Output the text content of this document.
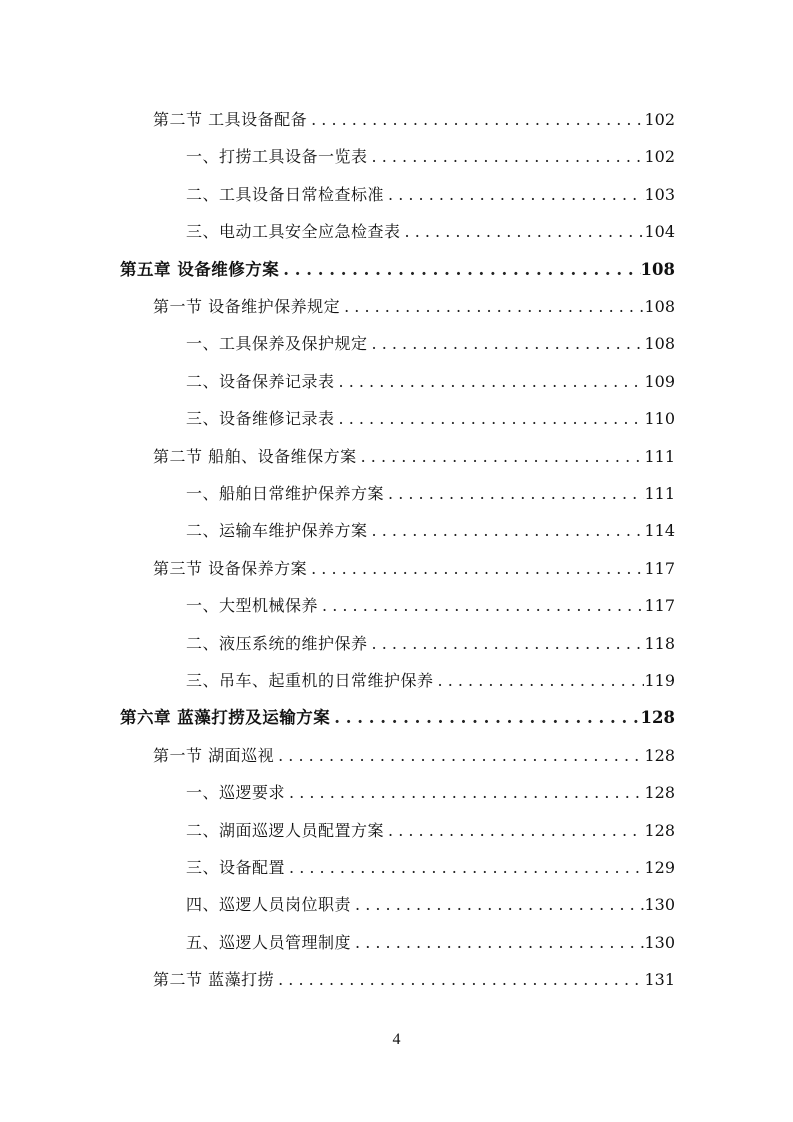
第二节 工具设备配备 . . .	102
一、打捞工具设备一览表 . . .	102
二、工具设备日常检查标准 . . .	103
三、电动工具安全应急检查表 . . .	104
第五章 设备维修方案 . . .	108
第一节 设备维护保养规定 . . .	108
一、工具保养及保护规定 . . .	108
二、设备保养记录表 . . .	109
三、设备维修记录表 . . .	110
第二节 船舶、设备维保方案 . . .	111
一、船舶日常维护保养方案 . . .	111
二、运输车维护保养方案 . . .	114
第三节 设备保养方案 . . .	117
一、大型机械保养 . . .	117
二、液压系统的维护保养 . . .	118
三、吊车、起重机的日常维护保养 . . .	119
第六章 蓝藻打捞及运输方案 . . .	128
第一节 湖面巡视 . . .	128
一、巡逻要求 . . .	128
二、湖面巡逻人员配置方案 . . .	128
三、设备配置 . . .	129
四、巡逻人员岗位职责 . . .	130
五、巡逻人员管理制度 . . .	130
第二节 蓝藻打捞 . . .	131
4
